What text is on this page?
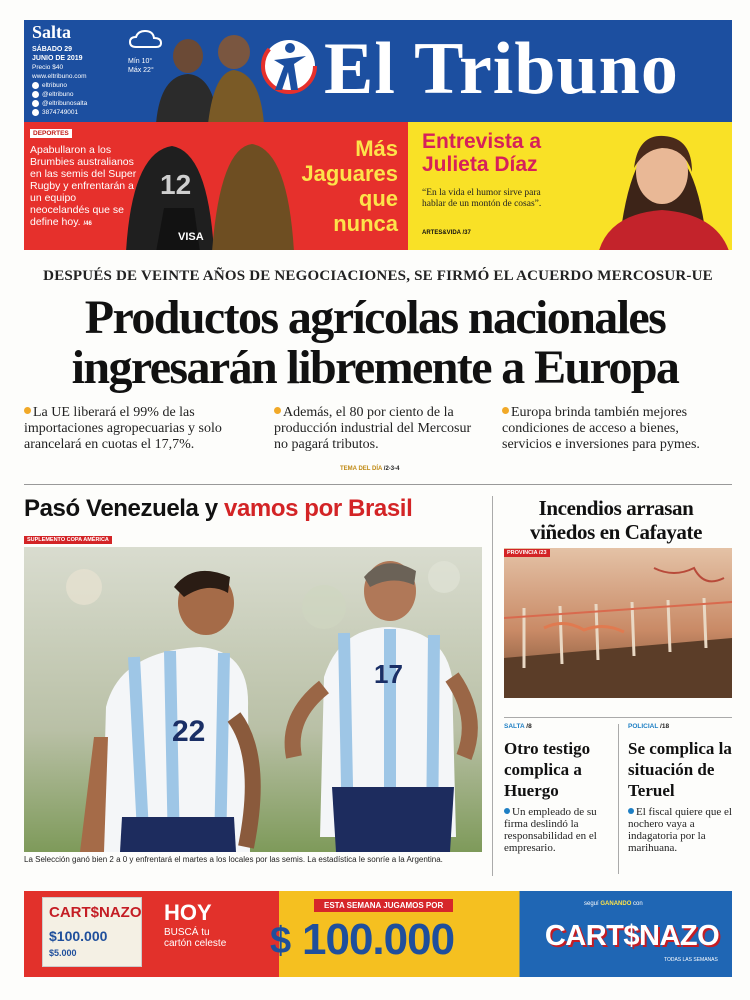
Salta
SÁBADO 29
JUNIO DE 2019
Precio $40
www.eltribuno.com
eltribuno
@eltribuno
@eltribunosalta
3874749001
Mín 10°
Máx 22° El Tribuno
12
VISA
DEPORTES
Apabullaron a los Brumbies australianos en las semis del Super Rugby y enfrentarán a un equipo neocelandés que se define hoy. /46
Más
Jaguares
que
nunca
Entrevista a
Julieta Díaz
“En la vida el humor sirve para hablar de un montón de cosas”.
ARTES&VIDA /37
DESPUÉS DE VEINTE AÑOS DE NEGOCIACIONES, SE FIRMÓ EL ACUERDO MERCOSUR-UE
Productos agrícolas nacionales
ingresarán libremente a Europa
La UE liberará el 99% de las importaciones agropecuarias y solo arancelará en cuotas el 17,7%.
Además, el 80 por ciento de la producción industrial del Mercosur no pagará tributos.
Europa brinda también mejores condiciones de acceso a bienes, servicios e inversiones para pymes.
TEMA DEL DÍA /2-3-4
Pasó Venezuela y vamos por Brasil
SUPLEMENTO COPA AMÉRICA
22
17
La Selección ganó bien 2 a 0 y enfrentará el martes a los locales por las semis. La estadística le sonríe a la Argentina.
Incendios arrasan
viñedos en Cafayate
PROVINCIA /23
SALTA /8
Otro testigo complica a Huergo
Un empleado de su firma deslindó la responsabilidad en el empresario.
POLICIAL /18
Se complica la situación de Teruel
El fiscal quiere que el nochero vaya a indagatoria por la marihuana.
CART$NAZO
$100.000
$5.000
HOY
BUSCÁ tu
cartón celeste
ESTA SEMANA JUGAMOS POR
$ 100.000
seguí GANANDO con
CART$NAZO
TODAS LAS SEMANAS
